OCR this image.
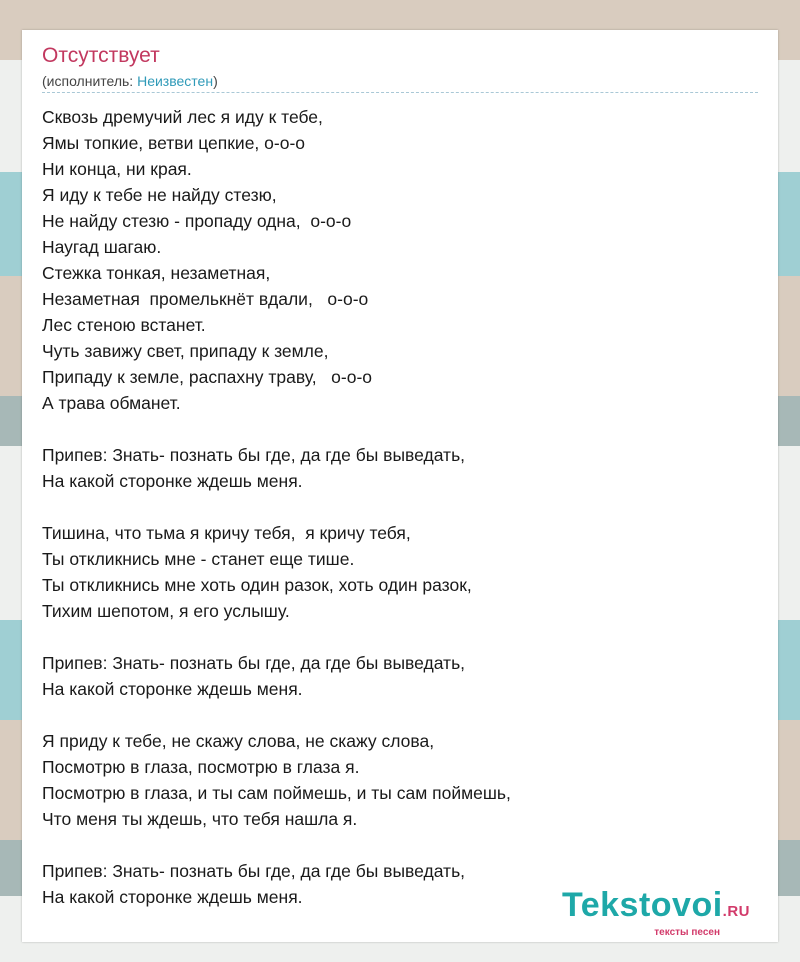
Отсутствует
(исполнитель: Неизвестен)
Сквозь дремучий лес я иду к тебе,
Ямы топкие, ветви цепкие, о-о-о
Ни конца, ни края.
Я иду к тебе не найду стезю,
Не найду стезю - пропаду одна,  о-о-о
Наугад шагаю.
Стежка тонкая, незаметная,
Незаметная  промелькнёт вдали,   о-о-о
Лес стеною встанет.
Чуть завижу свет, припаду к земле,
Припаду к земле, распахну траву,   о-о-о
А трава обманет.
Припев: Знать- познать бы где, да где бы выведать,
На какой сторонке ждешь меня.
Тишина, что тьма я кричу тебя,  я кричу тебя,
Ты откликнись мне - станет еще тише.
Ты откликнись мне хоть один разок, хоть один разок,
Тихим шепотом, я его услышу.
Припев: Знать- познать бы где, да где бы выведать,
На какой сторонке ждешь меня.
Я приду к тебе, не скажу слова, не скажу слова,
Посмотрю в глаза, посмотрю в глаза я.
Посмотрю в глаза, и ты сам поймешь, и ты сам поймешь,
Что меня ты ждешь, что тебя нашла я.
Припев: Знать- познать бы где, да где бы выведать,
На какой сторонке ждешь меня.	Tekstovoi.RU
тексты песен
